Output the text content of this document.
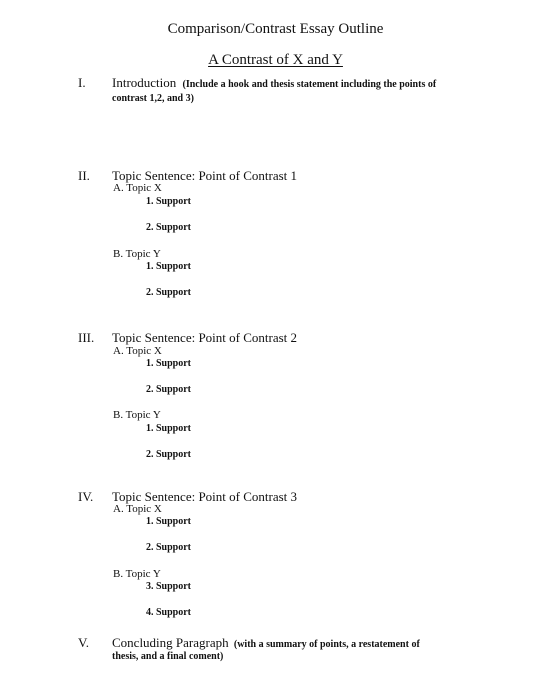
Comparison/Contrast Essay Outline
A Contrast of X and Y
I. Introduction (Include a hook and thesis statement including the points of
contrast 1,2, and 3)
II. Topic Sentence: Point of Contrast 1
A. Topic X
1. Support
2. Support
B. Topic Y
1. Support
2. Support
III. Topic Sentence: Point of Contrast 2
A. Topic X
1. Support
2. Support
B. Topic Y
1. Support
2. Support
IV. Topic Sentence: Point of Contrast 3
A. Topic X
1. Support
2. Support
B. Topic Y
3. Support
4. Support
V. Concluding Paragraph (with a summary of points, a restatement of
thesis, and a final coment)
